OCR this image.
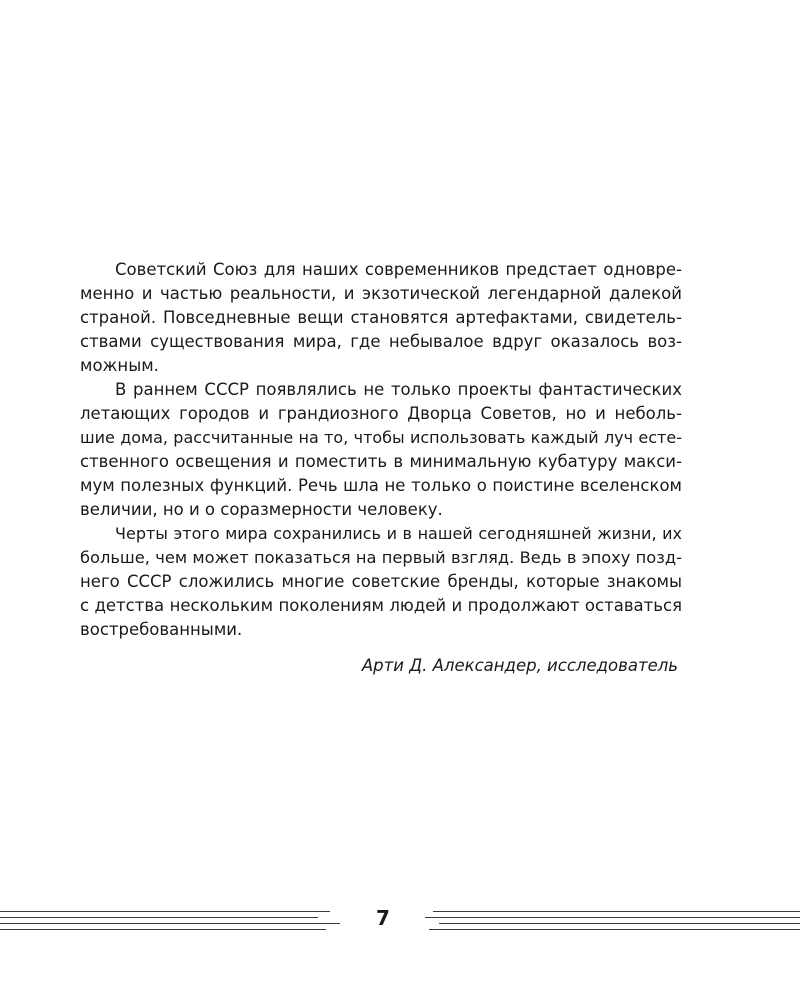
Советский Союз для наших современников предстает одновре-
менно и частью реальности, и экзотической легендарной далекой
страной. Повседневные вещи становятся артефактами, свидетель-
ствами существования мира, где небывалое вдруг оказалось воз-
можным.
В раннем СССР появлялись не только проекты фантастических
летающих городов и грандиозного Дворца Советов, но и неболь-
шие дома, рассчитанные на то, чтобы использовать каждый луч есте-
ственного освещения и поместить в минимальную кубатуру макси-
мум полезных функций. Речь шла не только о поистине вселенском
величии, но и о соразмерности человеку.
Черты этого мира сохранились и в нашей сегодняшней жизни, их
больше, чем может показаться на первый взгляд. Ведь в эпоху позд-
него СССР сложились многие советские бренды, которые знакомы
с детства нескольким поколениям людей и продолжают оставаться
востребованными.
Арти Д. Александер, исследователь
7
